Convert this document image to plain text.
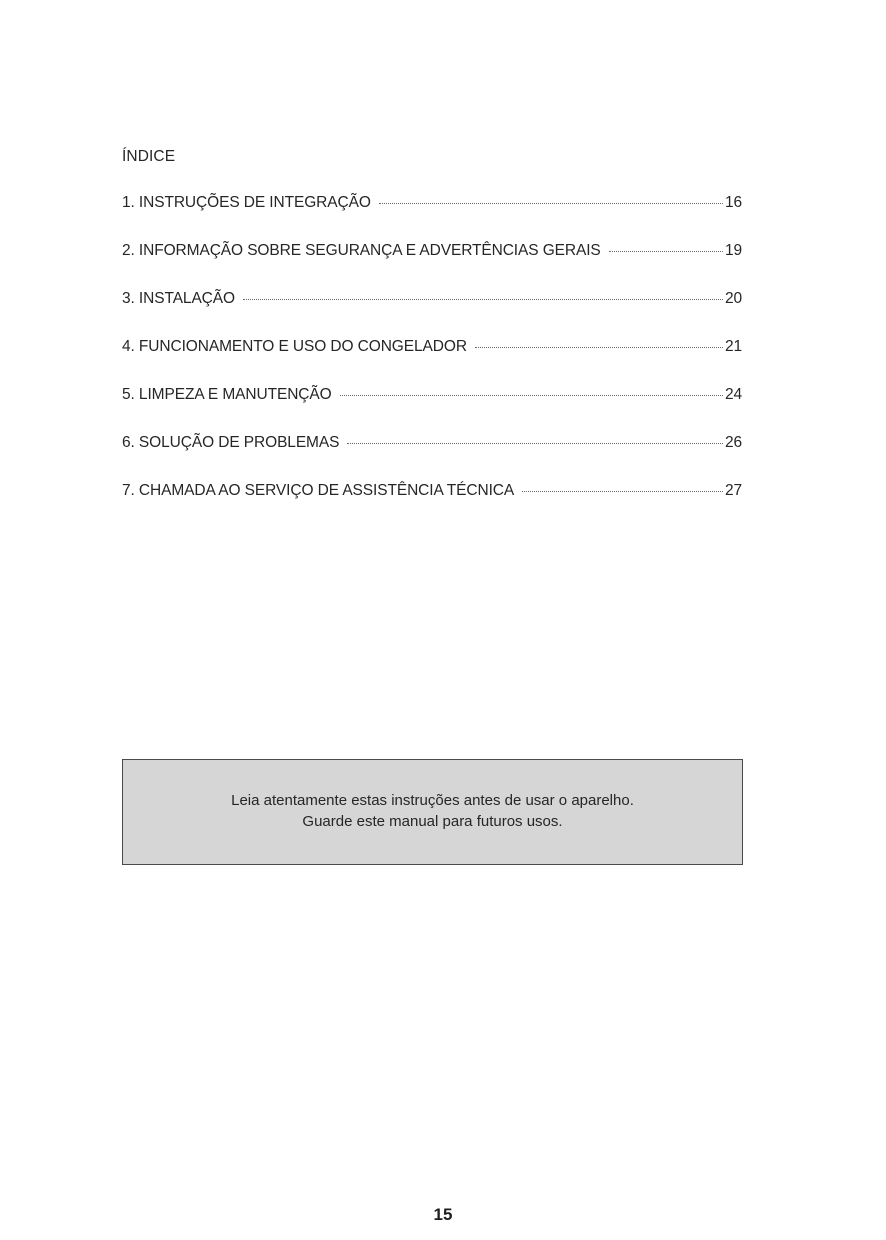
ÍNDICE
1. INSTRUÇÕES DE INTEGRAÇÃO	16
2. INFORMAÇÃO SOBRE SEGURANÇA E ADVERTÊNCIAS GERAIS	19
3. INSTALAÇÃO	20
4. FUNCIONAMENTO E USO DO CONGELADOR	21
5. LIMPEZA E MANUTENÇÃO	24
6. SOLUÇÃO DE PROBLEMAS	26
7. CHAMADA AO SERVIÇO DE ASSISTÊNCIA TÉCNICA	27
Leia atentamente estas instruções antes de usar o aparelho.
Guarde este manual para futuros usos.
15
